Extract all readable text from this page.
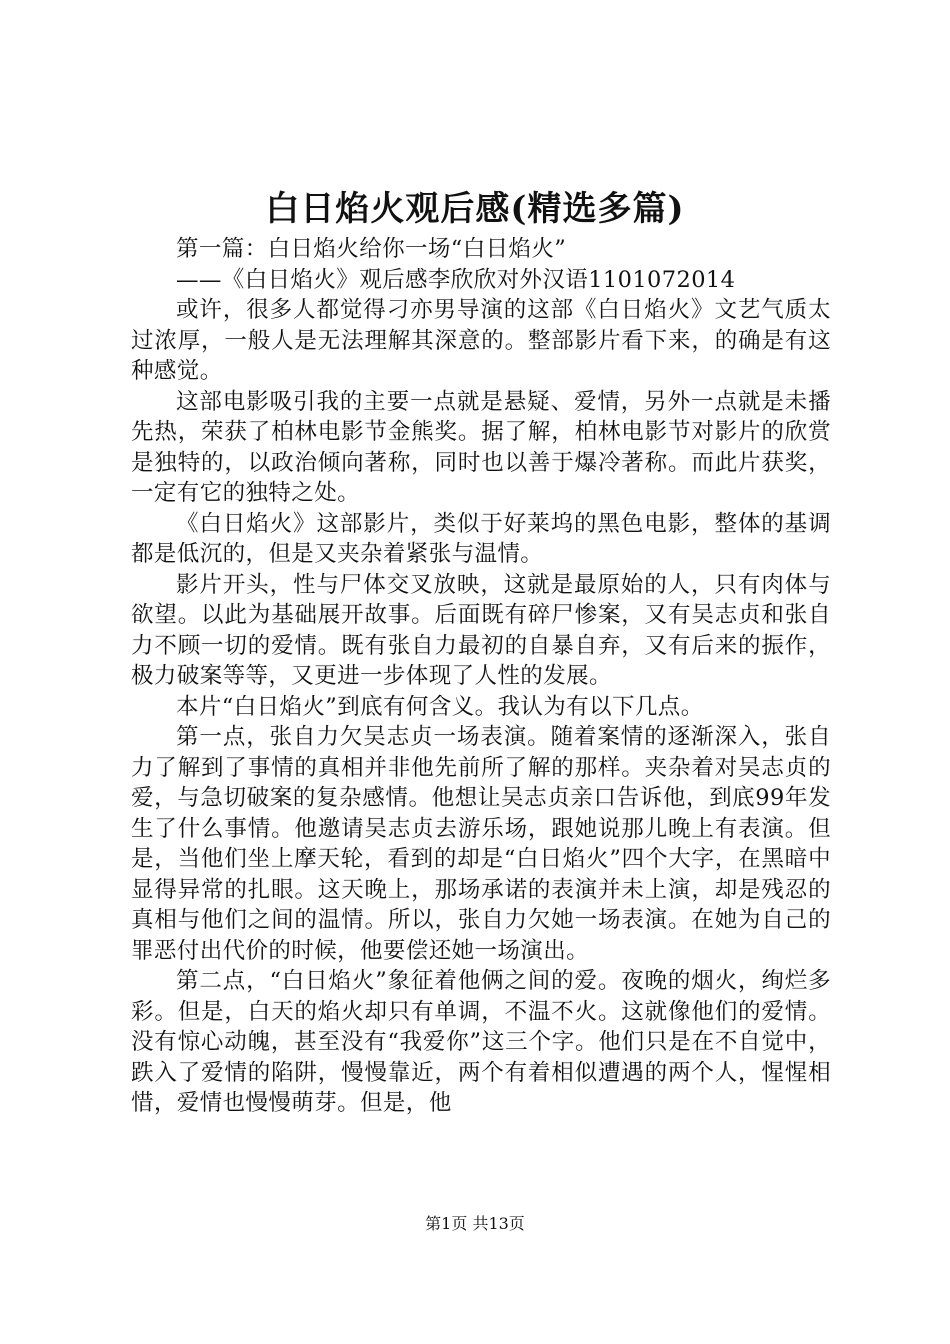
白日焰火观后感(精选多篇)

第一篇：白日焰火给你一场“白日焰火”

——《白日焰火》观后感李欣欣对外汉语1101072014

或许，很多人都觉得刁亦男导演的这部《白日焰火》文艺气质太过浓厚，一般人是无法理解其深意的。整部影片看下来，的确是有这种感觉。

这部电影吸引我的主要一点就是悬疑、爱情，另外一点就是未播先热，荣获了柏林电影节金熊奖。据了解，柏林电影节对影片的欣赏是独特的，以政治倾向著称，同时也以善于爆冷著称。而此片获奖，一定有它的独特之处。

《白日焰火》这部影片，类似于好莱坞的黑色电影，整体的基调都是低沉的，但是又夹杂着紧张与温情。

影片开头，性与尸体交叉放映，这就是最原始的人，只有肉体与欲望。以此为基础展开故事。后面既有碎尸惨案，又有吴志贞和张自力不顾一切的爱情。既有张自力最初的自暴自弃，又有后来的振作，极力破案等等，又更进一步体现了人性的发展。

本片“白日焰火”到底有何含义。我认为有以下几点。

第一点，张自力欠吴志贞一场表演。随着案情的逐渐深入，张自力了解到了事情的真相并非他先前所了解的那样。夹杂着对吴志贞的爱，与急切破案的复杂感情。他想让吴志贞亲口告诉他，到底99年发生了什么事情。他邀请吴志贞去游乐场，跟她说那儿晚上有表演。但是，当他们坐上摩天轮，看到的却是“白日焰火”四个大字，在黑暗中显得异常的扎眼。这天晚上，那场承诺的表演并未上演，却是残忍的真相与他们之间的温情。所以，张自力欠她一场表演。在她为自己的罪恶付出代价的时候，他要偿还她一场演出。

第二点，“白日焰火”象征着他俩之间的爱。夜晚的烟火，绚烂多彩。但是，白天的焰火却只有单调，不温不火。这就像他们的爱情。没有惊心动魄，甚至没有“我爱你”这三个字。他们只是在不自觉中，跌入了爱情的陷阱，慢慢靠近，两个有着相似遭遇的两个人，惺惺相惜，爱情也慢慢萌芽。但是，他

第1页 共13页
